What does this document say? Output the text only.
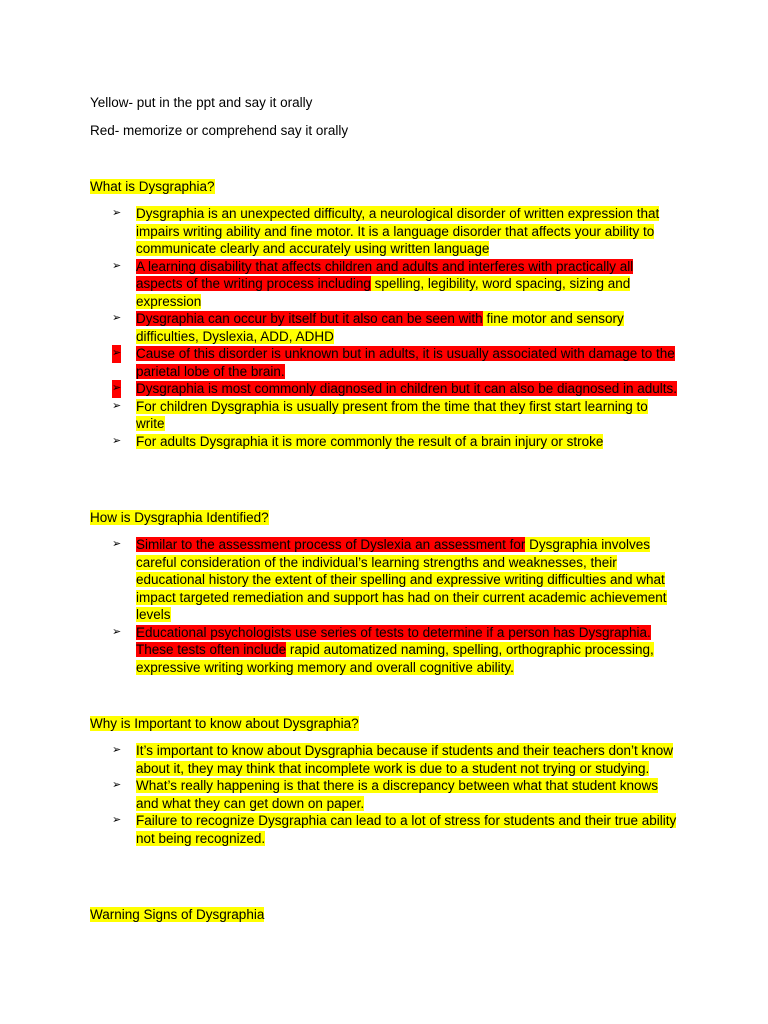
Yellow- put in the ppt and say it orally
Red- memorize or comprehend say it orally
What is Dysgraphia?
➢ Dysgraphia is an unexpected difficulty, a neurological disorder of written expression that impairs writing ability and fine motor. It is a language disorder that affects your ability to communicate clearly and accurately using written language
➢ A learning disability that affects children and adults and interferes with practically all aspects of the writing process including spelling, legibility, word spacing, sizing and expression
➢ Dysgraphia can occur by itself but it also can be seen with fine motor and sensory difficulties, Dyslexia, ADD, ADHD
➢ Cause of this disorder is unknown but in adults, it is usually associated with damage to the parietal lobe of the brain.
➢ Dysgraphia is most commonly diagnosed in children but it can also be diagnosed in adults.
➢ For children Dysgraphia is usually present from the time that they first start learning to write
➢ For adults Dysgraphia it is more commonly the result of a brain injury or stroke
How is Dysgraphia Identified?
➢ Similar to the assessment process of Dyslexia an assessment for Dysgraphia involves careful consideration of the individual’s learning strengths and weaknesses, their educational history the extent of their spelling and expressive writing difficulties and what impact targeted remediation and support has had on their current academic achievement levels
➢ Educational psychologists use series of tests to determine if a person has Dysgraphia. These tests often include rapid automatized naming, spelling, orthographic processing, expressive writing working memory and overall cognitive ability.
Why is Important to know about Dysgraphia?
➢ It’s important to know about Dysgraphia because if students and their teachers don’t know about it, they may think that incomplete work is due to a student not trying or studying.
➢ What’s really happening is that there is a discrepancy between what that student knows and what they can get down on paper.
➢ Failure to recognize Dysgraphia can lead to a lot of stress for students and their true ability not being recognized.
Warning Signs of Dysgraphia
